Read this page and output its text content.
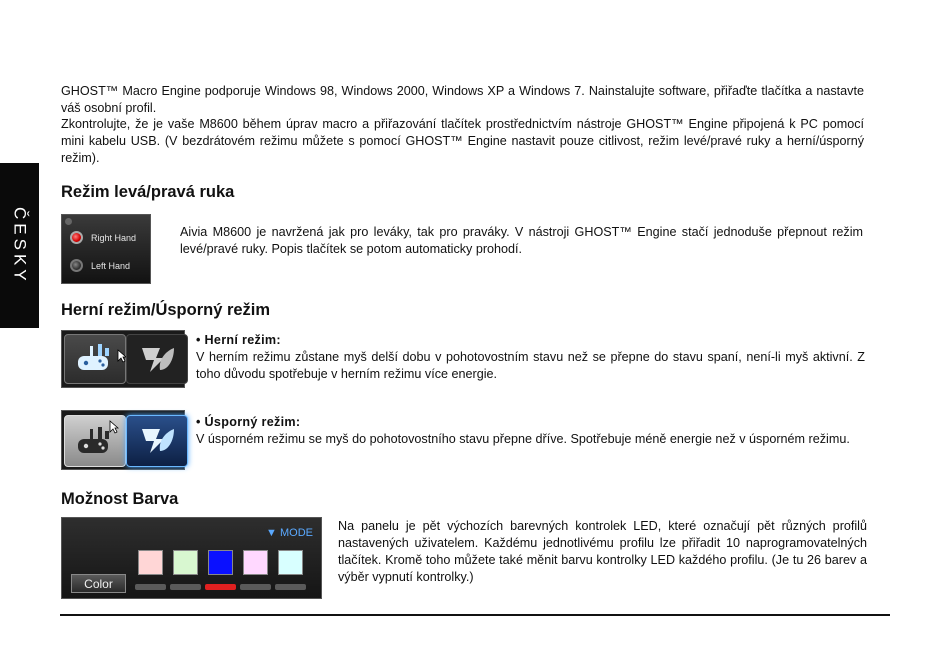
ČESKY
GHOST™ Macro Engine podporuje Windows 98, Windows 2000, Windows XP a Windows 7. Nainstalujte software, přiřaďte tlačítka a nastavte váš osobní profil.
Zkontrolujte, že je vaše M8600 během úprav macro a přiřazování tlačítek prostřednictvím nástroje GHOST™ Engine připojená k PC pomocí mini kabelu USB. (V bezdrátovém režimu můžete s pomocí GHOST™ Engine nastavit pouze citlivost, režim levé/pravé ruky a herní/úsporný režim).
Režim levá/pravá ruka
Right Hand
Left Hand
Aivia M8600 je navržená jak pro leváky, tak pro praváky. V nástroji GHOST™ Engine stačí jednoduše přepnout režim levé/pravé ruky. Popis tlačítek se potom automaticky prohodí.
Herní režim/Úsporný režim
• Herní režim:
V herním režimu zůstane myš delší dobu v pohotovostním stavu než se přepne do stavu spaní, není-li myš aktivní. Z toho důvodu spotřebuje v herním režimu více energie.
• Úsporný režim:
V úsporném režimu se myš do pohotovostního stavu přepne dříve. Spotřebuje méně energie než v úsporném režimu.
Možnost Barva
▼ MODE
Color
Na panelu je pět výchozích barevných kontrolek LED, které označují pět různých profilů nastavených uživatelem. Každému jednotlivému profilu lze přiřadit 10 naprogramovatelných tlačítek. Kromě toho můžete také měnit barvu kontrolky LED každého profilu. (Je tu 26 barev a výběr vypnutí kontrolky.)
